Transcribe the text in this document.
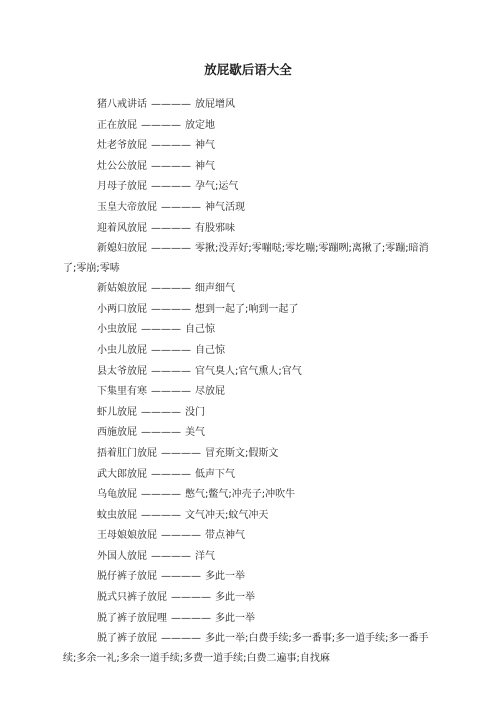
放屁歇后语大全
猪八戒讲话 ———— 放屁增风
正在放屁 ———— 放定地
灶老爷放屁 ———— 神气
灶公公放屁 ———— 神气
月母子放屁 ———— 孕气;运气
玉皇大帝放屁 ———— 神气活现
迎着风放屁 ———— 有股邪味
新媳妇放屁 ———— 零揪;没弄好;零嘣哒;零圪嘣;零蹦咧;离揪了;零蹦;暗消了;零崩;零哧
新姑娘放屁 ———— 细声细气
小两口放屁 ———— 想到一起了;响到一起了
小虫放屁 ———— 自己惊
小虫儿放屁 ———— 自己惊
县太爷放屁 ———— 官气臭人;官气熏人;官气
下集里有寒 ———— 尽放屁
虾儿放屁 ———— 没门
西施放屁 ———— 美气
捂着肛门放屁 ———— 冒充斯文;假斯文
武大郎放屁 ———— 低声下气
乌龟放屁 ———— 憋气;鳖气;冲壳子;冲吹牛
蚊虫放屁 ———— 文气冲天;蚊气冲天
王母娘娘放屁 ———— 带点神气
外国人放屁 ———— 洋气
脱仔裤子放屁 ———— 多此一举
脱式只裤子放屁 ———— 多此一举
脱了裤子放屁哩 ———— 多此一举
脱了裤子放屁 ———— 多此一举;白费手续;多一番事;多一道手续;多一番手续;多余一礼;多余一道手续;多费一道手续;白费二遍事;自找麻
